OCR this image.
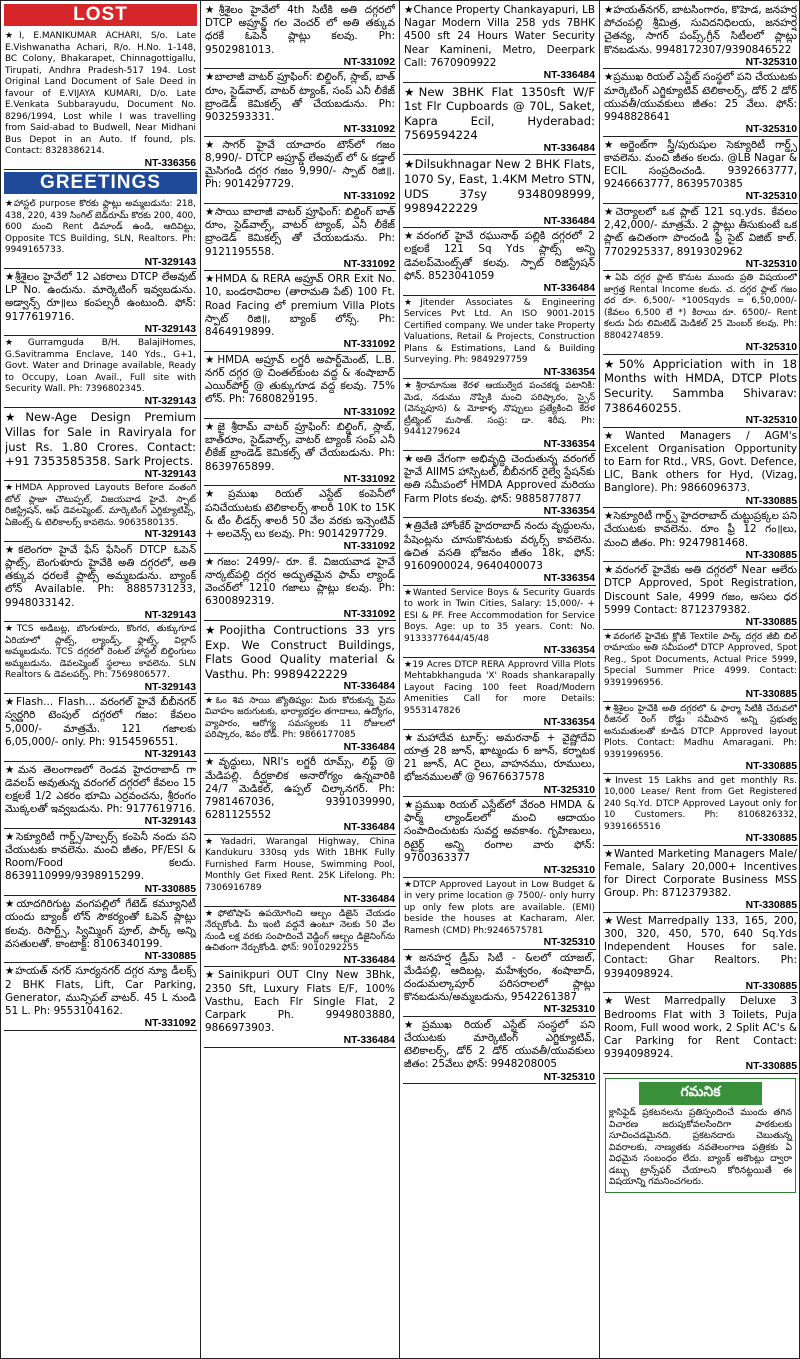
LOST

★I, E.MANIKUMAR ACHARI, S/o. Late E.Vishwanatha Achari, R/o. H.No. 1-148, BC Colony, Bhakarapet, Chinnagottigallu, Tirupati, Andhra Pradesh-517 194. Lost Original Land Document of Sale Deed in favour of E.VIJAYA KUMARI, D/o. Late E.Venkata Subbarayudu, Document No. 8296/1994, Lost while I was travelling from Said-abad to Budwell, Near Midhani Bus Depot in an Auto. If found, pls. Contact: 8328386214.

NT-336356
GREETINGS

★హాస్టల్ purpose కొరకు ఫ్లాట్లు అమ్మబడును: 218, 438, 220, 439 సింగిల్ బెడ్‌రూమ్‌ కొరకు 200, 400, 600 మంచి Rent డిమాండ్ ఉండి, ఆదివిట్టు, Opposite TCS Building, SLN, Realtors. Ph: 9949165733.

NT-329143

★శ్రీశైలం హైవేలో 12 ఎకరాలు DTCP లేఅవుట్ LP No. ఉందును. మార్కెటింగ్ ఇవ్వబడును. అడ్వాన్స్ రూ॥లు కంపల్సరీ ఉంటుంది. ఫోన్: 9177619716.

NT-329143

★Gurramguda B/H. BalajiHomes, G.Savitramma Enclave, 140 Yds., G+1, Govt. Water and Drinage available, Ready to Occupy, Loan Avail., Full site with Security Wall. Ph: 7396802345.

NT-329143

★New-Age Design Premium Villas for Sale in Raviryala for just Rs. 1.80 Crores. Contact: +91 7353585358. Sark Projects.

NT-329143

★HMDA Approved Layouts Before వంతంగి టోల్ ప్లాజా చౌటుప్పల్, విజయవాడ హైవే. స్పాట్ రిజిస్ట్రేషన్, ఆఫ్ డెవలప్మెంట్. మార్కెటింగ్ ఎగ్జిక్యూటివ్స్, ఏజెంట్స్ & టెలికాలర్స్ కావలెను. 9063580135.

NT-329143

★కలెంగరా హైవే ఫేస్ ఫేసింగ్ DTCP ఓపెన్ ప్లాట్స్, బెంగుళూరు హైవేకి అతి దగ్గరలో, అతి తక్కువ ధరలకే ప్లాట్స్ అమ్మబడును. బ్యాంక్ లోన్ Available. Ph: 8885731233, 9948033142.

NT-329143

★TCS అడిబట్ల, బొంగుళూరు, కొంగర, తుక్కుగూడ ఏరియాలో ప్లాట్స్, ల్యాండ్స్, ఫ్లాట్స్, విల్లాస్ అమ్మబడును. TCS దగ్గరలో రెంటల్ హాస్టల్ బిల్డింగులు అమ్మబడును. డెవలప్మెంట్ స్థలాలు కావలెను. SLN Realtors & డెవలపర్స్. Ph: 7569806577.

NT-329143

★Flash... Flash... వరంగల్ హైవే బీబీనగర్ స్వర్ణగిరి టెంపుల్ దగ్గరలో గజం: కేవలం 5,000/- మాత్రమే. 121 గజాలకు 6,05,000/- only. Ph: 9154596551.

NT-329143

★మన తెలంగాణలో రెండవ హైదరాబాద్ గా డెవలప్ అవుతున్న వరంగల్ దగ్గరలో కేవలం 15 లక్షలకే 1/2 ఎకరం భూమి ఎర్రవంచను, శ్రీరంగం మొక్కలతో ఇవ్వబడును. Ph: 9177619716.

NT-329143

★సెక్యూరిటీ గార్డ్స్/హెల్పర్స్ కంపెనీ నందు పని చేయుటకు కావలెను. మంచి జీతం, PF/ESI & Room/Food కలదు. 8639110999/9398915299.

NT-330885

★యాదగిరిగుట్ట వంగపల్లిలో గేటెడ్ కమ్యూనిటీ యందు బ్యాంక్ లోన్ సౌకర్యంతో ఓపెన్ ప్లాట్లు కలవు. రిసార్ట్స్, స్విమ్మింగ్ పూల్, పార్క్ అన్ని వసతులతో. కాంటాక్ట్: 8106340199.

NT-330885

★హయత్ నగర్ సూర్యనగర్ దగ్గర న్యూ డీలక్స్ 2 BHK Flats, Lift, Car Parking, Generator, మున్సిపల్ వాటర్. 45 L నుండి 51 L. Ph: 9553104162.

NT-331092

★శ్రీశైలం హైవేలో 4th సిటీకి అతి దగ్గరలో DTCP అప్రూవ్డ్ గల వెంచర్ లో అతి తక్కువ ధరకే ఓపెన్ ప్లాట్లు కలవు. Ph: 9502981013.

NT-331092

★బాలాజీ వాటర్ ప్రూఫింగ్: బిల్డింగ్, స్లాబ్, బాత్ రూం, సైడ్‌వాల్, వాటర్ ట్యాంక్, సంప్ ఎనీ లీకేజ్ బ్రాండెడ్ కెమికల్స్ తో చేయబడును. Ph: 9032593331.

NT-331092

★సాగర్ హైవే యాచారం టౌన్‌లో గజం 8,990/- DTCP అప్రూవ్డ్ లేఅవుట్ లో & కడ్తాల్ మైసిగండి దగ్గర గజం 9,990/- స్పాట్ రిజి॥. Ph: 9014297729.

NT-331092

★సాయి బాలాజీ వాటర్ ప్రూఫింగ్: బిల్డింగ్ బాత్ రూం, సైడ్‌వాల్స్, వాటర్ ట్యాంక్, ఎనీ లీకేజ్ బ్రాండెడ్ కెమికల్స్ తో చేయబడును. Ph: 9121195558.

NT-331092

★HMDA & RERA అప్రూవ్ ORR Exit No. 10, బండరావిరాల (తారామతి పేట్) 100 Ft. Road Facing లో premium Villa Plots స్పాట్ రిజి॥, బ్యాంక్ లోన్స్. Ph: 8464919899.

NT-331092

★HMDA అప్రూవ్ లగ్జరీ అపార్ట్‌మెంట్, L.B. నగర్ దగ్గర @ చింతల్‌కుంట వద్ద & శంషాబాద్ ఎయిర్‌పోర్ట్ @ తుక్కుగూడ వద్ద కలవు. 75% లోన్. Ph: 7680829195.

NT-331092

★జై శ్రీరామ్ వాటర్ ప్రూఫింగ్: బిల్డింగ్, స్లాబ్, బాత్‌రూం, సైడ్‌వాల్స్, వాటర్ ట్యాంక్ సంప్ ఎనీ లీకేజ్ బ్రాండెడ్ కెమికల్స్ తో చేయబడును. Ph: 8639765899.

NT-331092

★ప్రముఖ రియల్ ఎస్టేట్ కంపెనీలో పనిచేయుటకు టెలికాలర్స్ శాలరీ 10K to 15K & టీం లీడర్స్ శాలరీ 50 వేల వరకు ఇన్సెంటివ్ + అలవెన్స్ లు కలవు. Ph: 9014297729.

NT-331092

★గజం: 2499/- రూ. కే. విజయవాడ హైవే నార్కట్‌పల్లి దగ్గర అద్భుతమైన ఫామ్ ల్యాండ్ వెంచర్‌లో 1210 గజాలు ప్లాట్లు కలవు. Ph: 6300892319.

NT-331092

★Poojitha Contructions 33 yrs Exp. We Construct Buildings, Flats Good Quality material & Vasthu. Ph: 9989422229

NT-336484

★ఓం శివ సాయి జ్యోతిష్యం: మీరు కోరుకున్న ప్రేమ వివాహం జరుగుటకు, భార్యాభర్తల తగాదాలు, ఉద్యోగం, వ్యాపారం, ఆరోగ్య సమస్యలకు 11 రోజులలో పరిష్కారం, శివం రోడ్. Ph: 9866177085

NT-336484

★వృద్ధులు, NRI's లగ్జరీ రూమ్స్, లిఫ్ట్ @ మేడిపల్లి. దీర్ఘకాలిక అనారోగ్యం ఉన్నవారికి 24/7 మెడికల్, ఉప్పల్ చిల్కానగర్. Ph: 7981467036, 9391039990, 6281125552

NT-336484

★Yadadri, Warangal Highway, China Kandukuru 330sq yds With 1BHK Fully Furnished Farm House, Swimming Pool, Monthly Get Fixed Rent. 25K Lifelong. Ph: 7306916789

NT-336484

★ఫోటోషాప్ ఉపయోగించి ఆల్బం డిజైన్ చేయడం నేర్చుకోండి. మీ ఇంటి వద్దనే ఉంటూ నెలకు 50 వేల నుండి లక్ష వరకు సంపాదించే వెడ్డింగ్ ఆల్బం డిజైనింగ్‌ను ఉచితంగా నేర్చుకోండి. ఫోన్: 9010292255

NT-336484

★Sainikpuri OUT Clny New 3Bhk, 2350 Sft, Luxury Flats E/F, 100% Vasthu, Each Flr Single Flat, 2 Carpark Ph. 9949803880, 9866973903.

NT-336484

★Chance Property Chankayapuri, LB Nagar Modern Villa 258 yds 7BHK 4500 sft 24 Hours Water Security Near Kamineni, Metro, Deerpark Call: 7670909922

NT-336484

★New 3BHK Flat 1350sft W/F 1st Flr Cupboards @ 70L, Saket, Kapra Ecil, Hyderabad: 7569594224

NT-336484

★Dilsukhnagar New 2 BHK Flats, 1070 Sy, East, 1.4KM Metro STN, UDS 37sy 9348098999, 9989422229

NT-336484

★వరంగల్ హైవే రఘునాథ్ పల్లికి దగ్గరలో 2 లక్షలకే 121 Sq Yds ప్లాట్స్ అన్ని డెవలప్‌మెంట్స్‌తో కలవు. స్పాట్ రిజిస్ట్రేషన్ ఫోన్. 8523041059

NT-336484

★Jitender Associates & Engineering Services Pvt Ltd. An ISO 9001-2015 Certified company. We under take Property Valuations, Retail & Projects, Construction Plans & Estimations, Land & Building Surveying. Ph: 9849297759

NT-336354

★శ్రీరామానుజ కేరళ ఆయుర్వేద పంచకర్మ పటానికి: మెడ, నడుము నొప్పికి మంచి పరిష్కారం, స్పైన్ (వెన్నుపూస) & మోకాళ్ళ నొప్పులు ప్రత్యేకించి కేరళ ట్రీట్మెంట్ మసాజ్. సంప్ర: డా. శిరీష. Ph: 9441279624

NT-336354

★అతి వేగంగా అభివృద్ధి చెందుతున్న వరంగల్ హైవే AIIMS హాస్పిటల్, బీబీనగర్ రైల్వే స్టేషన్‌కు అతి సమీపంలో HMDA Approved మరియు Farm Plots కలవు. ఫోన్: 9885877877

NT-336354

★త్రివేణి హోంకేర్ హైదరాబాద్ నందు వృద్ధులను, పేషెంట్లను చూసుకొనుటకు వర్కర్స్ కావలెను. ఉచిత వసతి భోజనం జీతం 18k, ఫోన్: 9160900024, 9640400073

NT-336354

★Wanted Service Boys & Security Guards to work in Twin Cities, Salary: 15,000/- + ESI & PF. Free Accommodation for Service Boys. Age: up to 35 years. Cont: No. 9133377644/45/48

NT-336354

★19 Acres DTCP RERA Approvrd Villa Plots Mehtabkhanguda 'X' Roads shankarapally Layout Facing 100 feet Road/Modern Amenities Call for more Details: 9553147826

NT-336354

★మహాదేవ టూర్స్: అమరనాథ్ + వైష్ణోదేవి యాత్ర 28 జూన్, ఖాట్మండు 6 జూన్, కర్నాటక 21 జూన్, AC రైలు, వాహనము, రూములు, భోజనములతో @ 9676637578

NT-325310

★ప్రముఖ రియల్ ఎస్టేట్‌లో వేరంరి HMDA & ఫార్మ్ ల్యాండ్‌లలో మంచి ఆదాయం సంపాదించుటకు సువర్ణ అవకాశం. గృహిణులు, రిటైర్డ్ అన్ని రంగాల వారు ఫోన్: 9700363377

NT-325310

★DTCP Approved Layout in Low Budget & in very prime location @ 7500/- only hurry up only few plots are available. (EMI) beside the houses at Kacharam, Aler. Ramesh (CMD) Ph:9246575781

NT-325310

★జనహర్ష డ్రీమ్ సిటీ - &లలో యాజల్, మేడిపల్లి, ఆదిబట్ల, మహేశ్వరం, శంషాబాద్, దండుమల్కాపూర్ పరిసరాలలో ప్లాట్లు కొనబడును/అమ్మబడును, 9542261387

NT-325310

★ప్రముఖ రియల్ ఎస్టేట్ సంస్థలో పని చేయుటకు మార్కెటింగ్ ఎగ్జిక్యూటివ్, టెలికాలర్స్, డోర్ 2 డోర్ యువతీ/యువకులు జీతం: 25వేలు ఫోన్: 9948208005

NT-325310

★హయత్‌నగర్, బాటసింగారం, కొహెడ, జనహర్ష పోచంపల్లి శ్రీమిత్ర, సువిదనిధిలయ, జనహర్ష చైతన్య, సాగర్ పంప్స్,గ్రీన్ సిటీలలో ప్లాట్లు కొనబడును. 9948172307/9390846522

NT-325310

★ప్రముఖ రియల్ ఎస్టేట్ సంస్థలో పని చేయుటకు మార్కెటింగ్ ఎగ్జిక్యూటివ్ టెలికాలర్స్, డోర్ 2 డోర్ యువతీ/యువకులు జీతం: 25 వేలు. ఫోన్: 9948828641

NT-325310

★అర్జెంట్‌గా స్త్రీ/పురుషుల సెక్యూరిటీ గార్డ్స్ కావలెను. మంచి జీతం కలదు. @LB Nagar & ECIL సంప్రదించండి. 9392663777, 9246663777, 8639570385

NT-325310

★చెర్యాలలో ఒక ప్లాట్ 121 sq.yds. కేవలం 2,42,000/- మాత్రమే. 2 ప్లాట్లు తీసుకుంటే ఒక ప్లాట్ ఉచితంగా పొందండి ఫ్రీ సైట్ విజిట్ కాల్. 7702925337, 8919302962

NT-325310

★ఏపీ దగ్గర ప్లాట్ కొనుట ముందు ప్రతి విషయంలో జాగ్రత్త Rental Income కలదు. చ. దగ్గర ప్లాట్ గజం ధర రూ. 6,500/- *100Sqyds = 6,50,000/- (కేవలం 6,500 లే *) కిరాయి రూ. 6500/- Rent కలదు ఏరు లిమిటెడ్ మెడికల్ 25 మెంబర్ కలవు. Ph: 8804274859.

NT-325310

★50% Appriciation with in 18 Months with HMDA, DTCP Plots Security. Sammba Shivarav: 7386460255.

NT-325310

★Wanted Managers / AGM's Excelent Organisation Opportunity to Earn for Rtd., VRS, Govt. Defence, LIC, Bank others for Hyd, (Vizag, Banglore). Ph: 9866096373.

NT-330885

★సెక్యూరిటీ గార్డ్స్ హైదరాబాద్ చుట్టుప్రక్కల పని చేయుటకు కావలెను. రూం ఫ్రీ 12 గం॥లు, మంచి జీతం. Ph: 9247981468.

NT-330885

★వరంగల్ హైవేకు అతి దగ్గరలో Near ఆలేరు DTCP Approved, Spot Registration, Discount Sale, 4999 గజం, అసలు ధర 5999 Contact: 8712379382.

NT-330885

★వరంగల్ హైవేకు క్లోజ్ Textile పార్క్ దగ్గర జీబీ బిల్ రామాయం అతి సమీపంలో DTCP Approved, Spot Reg., Spot Documents, Actual Price 5999, Special Summer Price 4999. Contact: 9391996956.

NT-330885

★శ్రీశైలం హైవేకి అతి దగ్గరలో & ఫార్మా సిటీకి చేరువలో రీజినల్ రింగ్ రోడ్డు సమీపాన అన్ని ప్రభుత్వ అనుమతులతో కూడిన DTCP Approved layout Plots. Contact: Madhu Amaragani. Ph: 9391996956.

NT-330885

★Invest 15 Lakhs and get monthly Rs. 10,000 Lease/ Rent from Get Registered 240 Sq.Yd. DTCP Approved Layout only for 10 Customers. Ph: 8106826332, 9391665516

NT-330885

★Wanted Marketing Managers Male/ Female, Salary 20,000+ Incentives for Direct Corporate Business MSS Group. Ph: 8712379382.

NT-330885

★West Marredpally 133, 165, 200, 300, 320, 450, 570, 640 Sq.Yds Independent Houses for sale. Contact: Ghar Realtors. Ph: 9394098924.

NT-330885

★West Marredpally Deluxe 3 Bedrooms Flat with 3 Toilets, Puja Room, Full wood work, 2 Split AC's & Car Parking for Rent Contact: 9394098924.

NT-330885
గమనిక
క్లాసిఫైడ్ ప్రకటనలను ప్రతిస్పందించే ముందు తగిన విచారణ జరుపుకోవలసిందిగా పాఠకులకు సూచించడమైనది. ప్రకటనదారు చెబుతున్న వివరాలకు, నాణ్యతకు నవతెలంగాణ పత్రికకు ఏ విధమైన సంబంధం లేదు. బ్యాంక్ అకౌంట్లు ద్వారా డబ్బు ట్రాన్స్‌ఫర్ చేయాలని కోరినట్టయితే ఈ విషయాన్ని గమనించగలరు.
